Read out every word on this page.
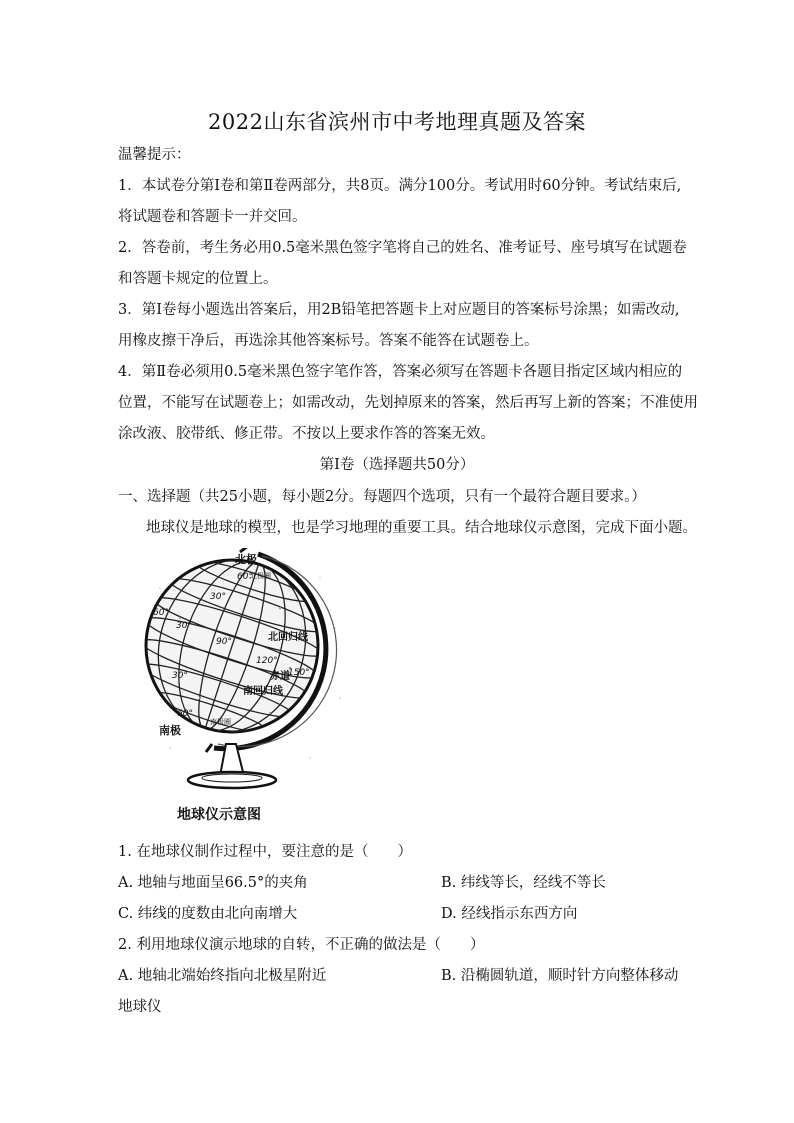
2022山东省滨州市中考地理真题及答案
温馨提示：
1．本试卷分第Ⅰ卷和第Ⅱ卷两部分，共8页。满分100分。考试用时60分钟。考试结束后,
将试题卷和答题卡一并交回。
2．答卷前，考生务必用0.5毫米黑色签字笔将自己的姓名、准考证号、座号填写在试题卷
和答题卡规定的位置上。
3．第Ⅰ卷每小题选出答案后，用2B铅笔把答题卡上对应题目的答案标号涂黑；如需改动,
用橡皮擦干净后，再选涂其他答案标号。答案不能答在试题卷上。
4．第Ⅱ卷必须用0.5毫米黑色签字笔作答，答案必须写在答题卡各题目指定区域内相应的
位置，不能写在试题卷上；如需改动，先划掉原来的答案，然后再写上新的答案；不准使用
涂改液、胶带纸、修正带。不按以上要求作答的答案无效。
第Ⅰ卷（选择题共50分）
一、选择题（共25小题，每小题2分。每题四个选项，只有一个最符合题目要求。）
地球仪是地球的模型，也是学习地理的重要工具。结合地球仪示意图，完成下面小题。
北极
南极
北回归线
赤道
南回归线
北极圈
南极圈
60°
60°
30°
30°
30°
60°
90°
120°
150°
地球仪示意图
1. 在地球仪制作过程中，要注意的是（　　）
A. 地轴与地面呈66.5°的夹角	B. 纬线等长，经线不等长
C. 纬线的度数由北向南增大	D. 经线指示东西方向
2. 利用地球仪演示地球的自转，不正确的做法是（　　）
A. 地轴北端始终指向北极星附近	B. 沿椭圆轨道，顺时针方向整体移动
地球仪
